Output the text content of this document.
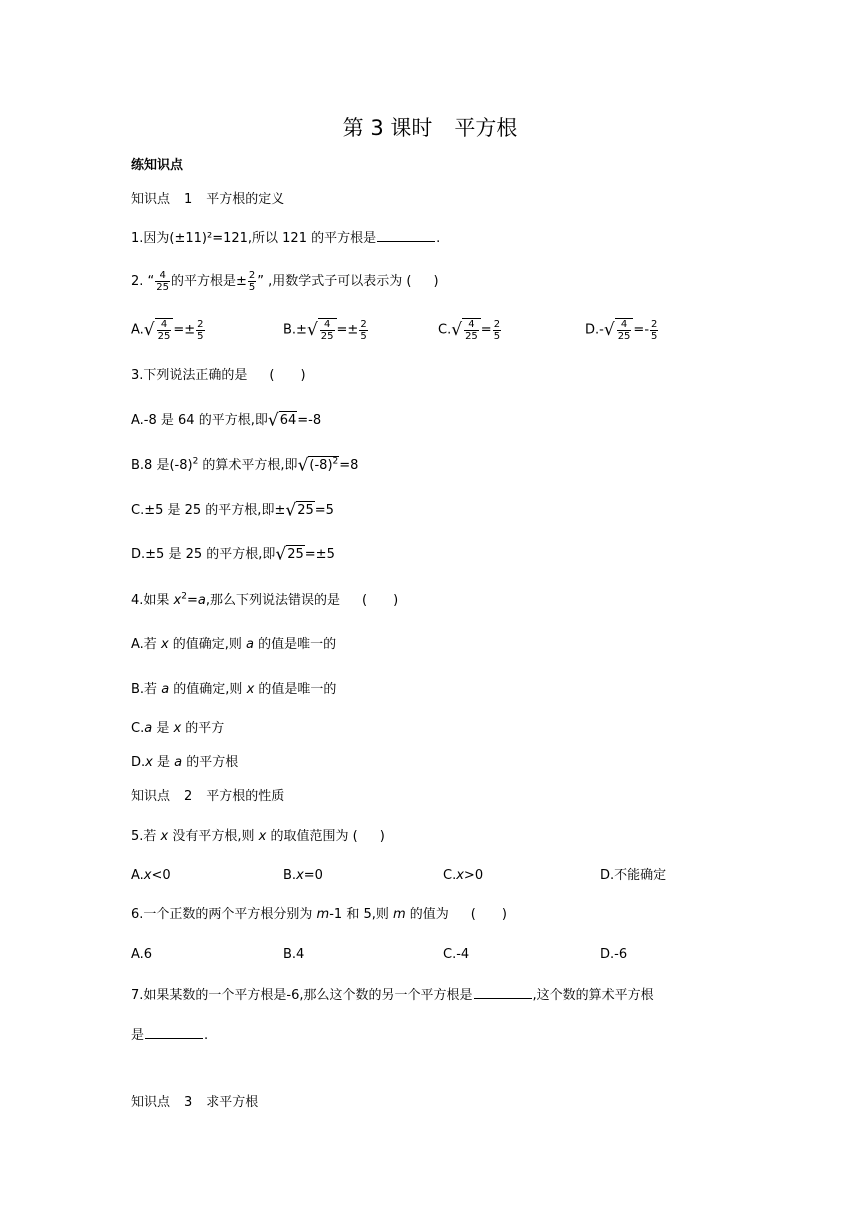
第 3 课时 平方根
练知识点
知识点 1 平方根的定义
1.因为(±11)²=121,所以 121 的平方根是	.
2. “ $\frac{4}{25}$ 的平方根是± $\frac{2}{5}$ ” ,用数学式子可以表示为 ( )
$A.√ \frac{4}{25} =\pm \frac{2}{5}$	$B.\pm√ \frac{4}{25} =\pm \frac{2}{5}$	$C.√ \frac{4}{25} = \frac{2}{5}$	$D.-√ \frac{4}{25} =- \frac{2}{5}$
3.下列说法正确的是 ( )
A.-8 是 64 的平方根,即√64=-8
B.8 是$(-8)^2$ 的算术平方根,即$√(-8)^2=8$
C.±5 是 25 的平方根,即±√25=5
D.±5 是 25 的平方根,即√25=±5
4.如果 $x^2=a$,那么下列说法错误的是 ( )
A.若 x 的值确定,则 a 的值是唯一的
B.若 a 的值确定,则 x 的值是唯一的
C.a 是 x 的平方
D.x 是 a 的平方根
知识点 2 平方根的性质
5.若 x 没有平方根,则 x 的取值范围为 ( )
A.x<0	B.x=0	C.x>0	D.不能确定
6.一个正数的两个平方根分别为 m-1 和 5,则 m 的值为 ( )
A.6	B.4	C.-4	D.-6
7.如果某数的一个平方根是-6,那么这个数的另一个平方根是	,这个数的算术平方根
是	.
知识点 3 求平方根
